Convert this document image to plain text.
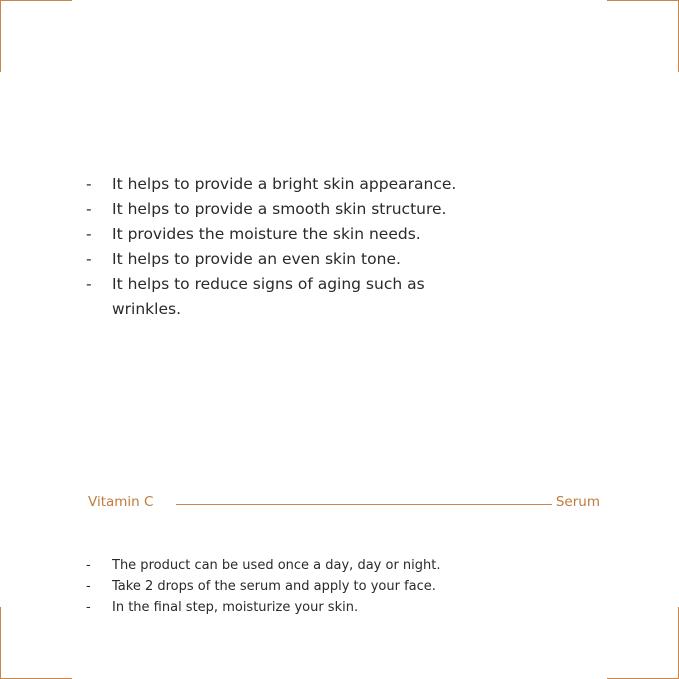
- It helps to provide a bright skin appearance.
- It helps to provide a smooth skin structure.
- It provides the moisture the skin needs.
- It helps to provide an even skin tone.
- It helps to reduce signs of aging such as wrinkles.
Vitamin C	Serum
- The product can be used once a day, day or night.
- Take 2 drops of the serum and apply to your face.
- In the final step, moisturize your skin.
